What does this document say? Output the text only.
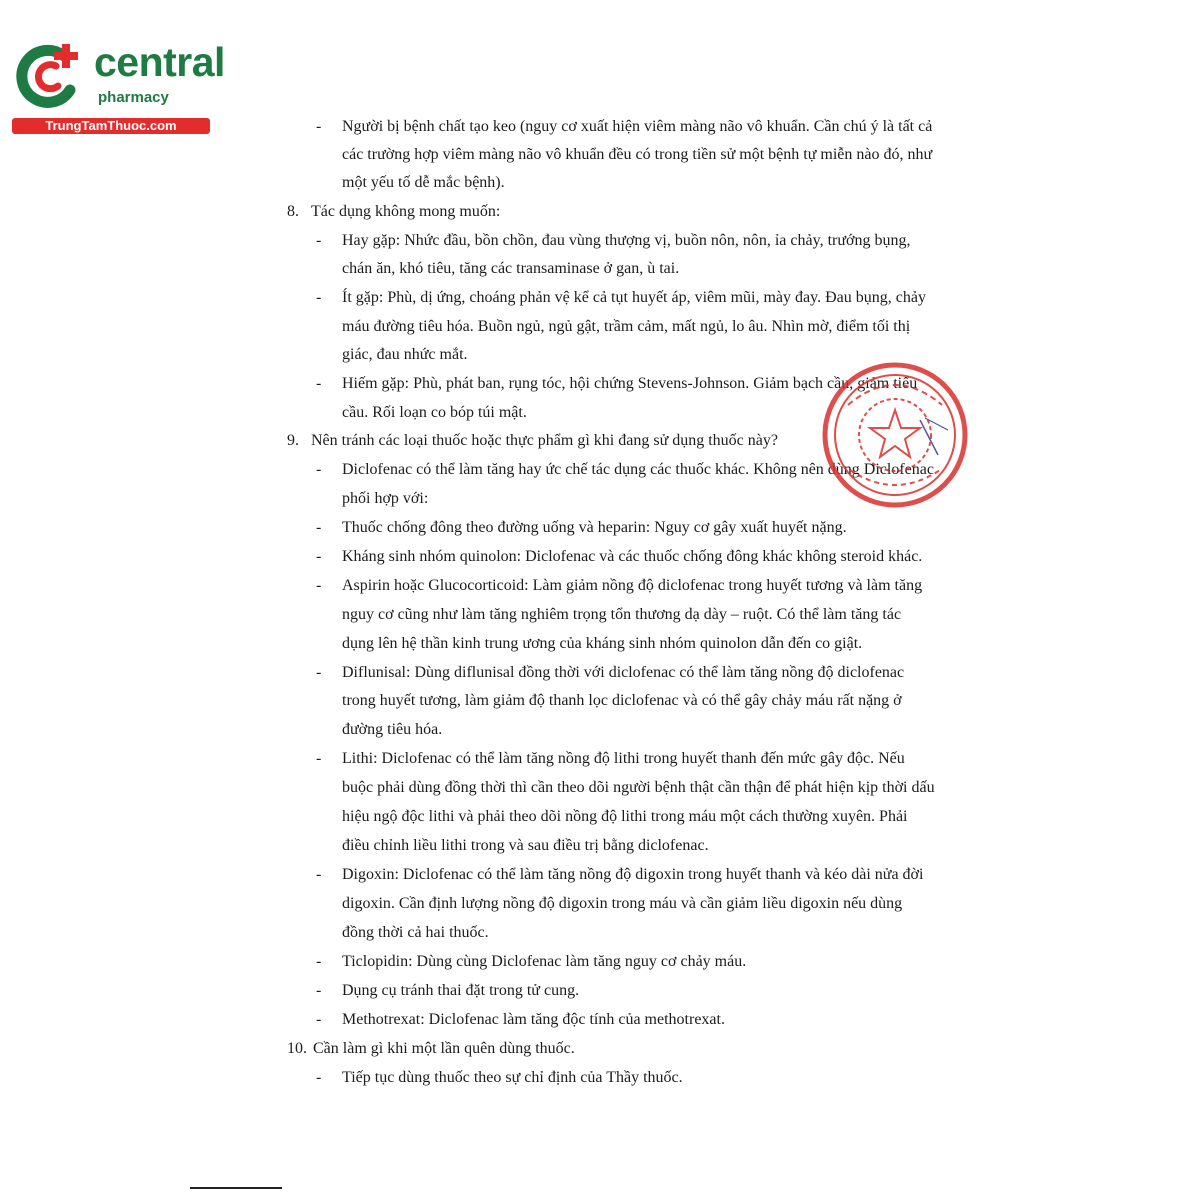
central
pharmacy
TrungTamThuoc.com	- Người bị bệnh chất tạo keo (nguy cơ xuất hiện viêm màng não vô khuẩn. Cần chú ý là tất cả
các trường hợp viêm màng não vô khuẩn đều có trong tiền sử một bệnh tự miễn nào đó, như
một yếu tố dễ mắc bệnh).
8. Tác dụng không mong muốn:
- Hay gặp: Nhức đầu, bồn chồn, đau vùng thượng vị, buồn nôn, nôn, ỉa chảy, trướng bụng,
chán ăn, khó tiêu, tăng các transaminase ở gan, ù tai.
- Ít gặp: Phù, dị ứng, choáng phản vệ kể cả tụt huyết áp, viêm mũi, mày đay. Đau bụng, chảy
máu đường tiêu hóa. Buồn ngủ, ngủ gật, trầm cảm, mất ngủ, lo âu. Nhìn mờ, điểm tối thị
giác, đau nhức mắt.
- Hiếm gặp: Phù, phát ban, rụng tóc, hội chứng Stevens-Johnson. Giảm bạch cầu, giảm tiểu
cầu. Rối loạn co bóp túi mật.
9. Nên tránh các loại thuốc hoặc thực phẩm gì khi đang sử dụng thuốc này?
- Diclofenac có thể làm tăng hay ức chế tác dụng các thuốc khác. Không nên dùng Diclofenac
phối hợp với:
- Thuốc chống đông theo đường uống và heparin: Nguy cơ gây xuất huyết nặng.
- Kháng sinh nhóm quinolon: Diclofenac và các thuốc chống đông khác không steroid khác.
- Aspirin hoặc Glucocorticoid: Làm giảm nồng độ diclofenac trong huyết tương và làm tăng
nguy cơ cũng như làm tăng nghiêm trọng tổn thương dạ dày – ruột. Có thể làm tăng tác
dụng lên hệ thần kinh trung ương của kháng sinh nhóm quinolon dẫn đến co giật.
- Diflunisal: Dùng diflunisal đồng thời với diclofenac có thể làm tăng nồng độ diclofenac
trong huyết tương, làm giảm độ thanh lọc diclofenac và có thể gây chảy máu rất nặng ở
đường tiêu hóa.
- Lithi: Diclofenac có thể làm tăng nồng độ lithi trong huyết thanh đến mức gây độc. Nếu
buộc phải dùng đồng thời thì cần theo dõi người bệnh thật cần thận để phát hiện kịp thời dấu
hiệu ngộ độc lithi và phải theo dõi nồng độ lithi trong máu một cách thường xuyên. Phải
điều chỉnh liều lithi trong và sau điều trị bằng diclofenac.
- Digoxin: Diclofenac có thể làm tăng nồng độ digoxin trong huyết thanh và kéo dài nửa đời
digoxin. Cần định lượng nồng độ digoxin trong máu và cần giảm liều digoxin nếu dùng
đồng thời cả hai thuốc.
- Ticlopidin: Dùng cùng Diclofenac làm tăng nguy cơ chảy máu.
- Dụng cụ tránh thai đặt trong tử cung.
- Methotrexat: Diclofenac làm tăng độc tính của methotrexat.
10. Cần làm gì khi một lần quên dùng thuốc.
- Tiếp tục dùng thuốc theo sự chỉ định của Thầy thuốc.
